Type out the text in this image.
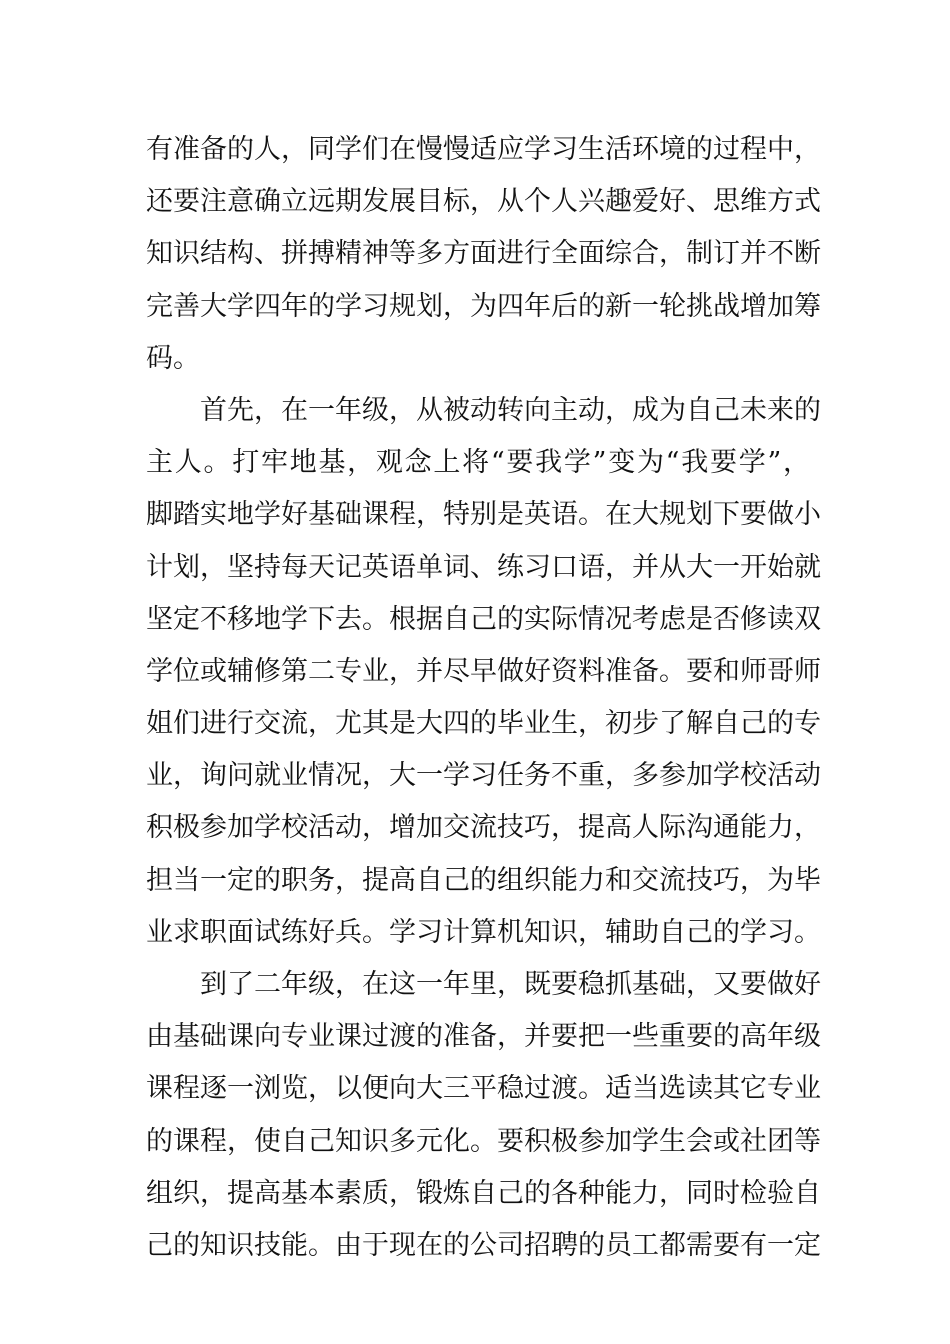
有准备的人，同学们在慢慢适应学习生活环境的过程中，
还要注意确立远期发展目标，从个人兴趣爱好、思维方式
知识结构、拼搏精神等多方面进行全面综合，制订并不断
完善大学四年的学习规划，为四年后的新一轮挑战增加筹
码。
首先，在一年级，从被动转向主动，成为自己未来的
主人。打牢地基，观念上将“要我学”变为“我要学”，
脚踏实地学好基础课程，特别是英语。在大规划下要做小
计划，坚持每天记英语单词、练习口语，并从大一开始就
坚定不移地学下去。根据自己的实际情况考虑是否修读双
学位或辅修第二专业，并尽早做好资料准备。要和师哥师
姐们进行交流，尤其是大四的毕业生，初步了解自己的专
业，询问就业情况，大一学习任务不重，多参加学校活动
积极参加学校活动，增加交流技巧，提高人际沟通能力，
担当一定的职务，提高自己的组织能力和交流技巧，为毕
业求职面试练好兵。学习计算机知识，辅助自己的学习。
到了二年级，在这一年里，既要稳抓基础，又要做好
由基础课向专业课过渡的准备，并要把一些重要的高年级
课程逐一浏览，以便向大三平稳过渡。适当选读其它专业
的课程，使自己知识多元化。要积极参加学生会或社团等
组织，提高基本素质，锻炼自己的各种能力，同时检验自
己的知识技能。由于现在的公司招聘的员工都需要有一定
